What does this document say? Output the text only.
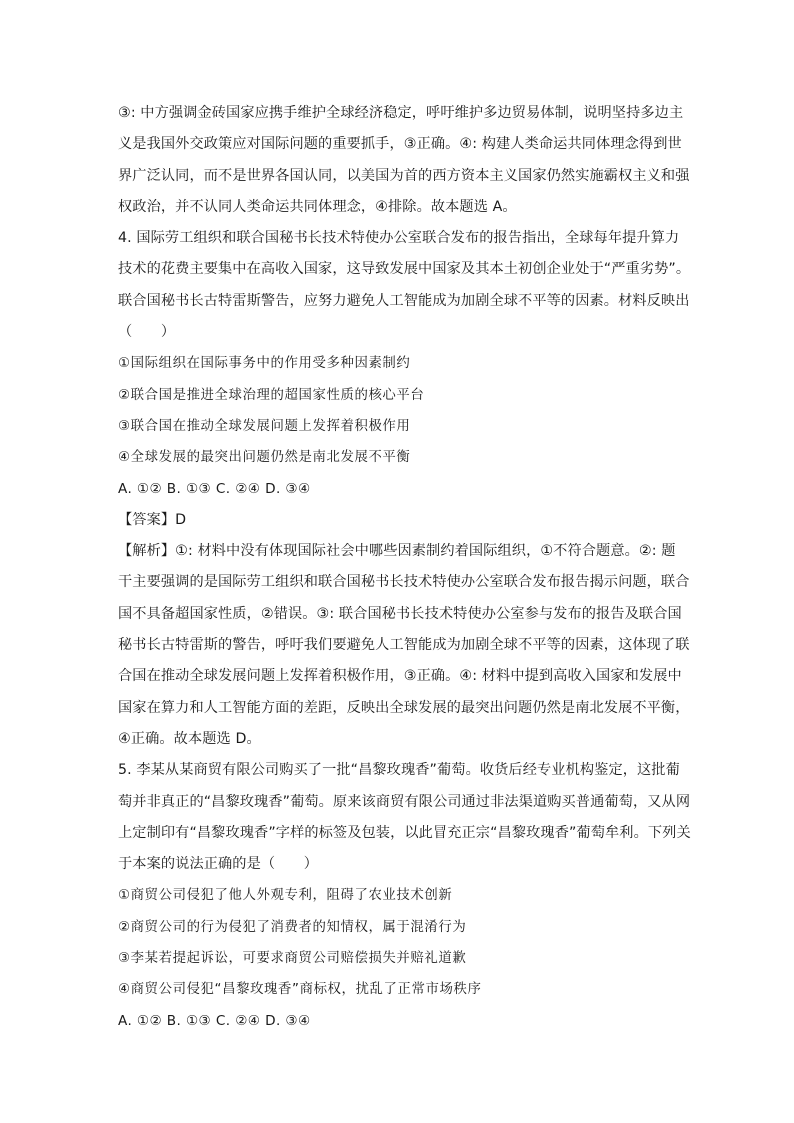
③: 中方强调金砖国家应携手维护全球经济稳定，呼吁维护多边贸易体制，说明坚持多边主
义是我国外交政策应对国际问题的重要抓手，③正确。④: 构建人类命运共同体理念得到世
界广泛认同，而不是世界各国认同，以美国为首的西方资本主义国家仍然实施霸权主义和强
权政治，并不认同人类命运共同体理念，④排除。故本题选 A。
4. 国际劳工组织和联合国秘书长技术特使办公室联合发布的报告指出，全球每年提升算力
技术的花费主要集中在高收入国家，这导致发展中国家及其本土初创企业处于“严重劣势”。
联合国秘书长古特雷斯警告，应努力避免人工智能成为加剧全球不平等的因素。材料反映出
（　　）
①国际组织在国际事务中的作用受多种因素制约
②联合国是推进全球治理的超国家性质的核心平台
③联合国在推动全球发展问题上发挥着积极作用
④全球发展的最突出问题仍然是南北发展不平衡
A. ①② B. ①③ C. ②④ D. ③④
【答案】D
【解析】①: 材料中没有体现国际社会中哪些因素制约着国际组织，①不符合题意。②: 题
干主要强调的是国际劳工组织和联合国秘书长技术特使办公室联合发布报告揭示问题，联合
国不具备超国家性质，②错误。③: 联合国秘书长技术特使办公室参与发布的报告及联合国
秘书长古特雷斯的警告，呼吁我们要避免人工智能成为加剧全球不平等的因素，这体现了联
合国在推动全球发展问题上发挥着积极作用，③正确。④: 材料中提到高收入国家和发展中
国家在算力和人工智能方面的差距，反映出全球发展的最突出问题仍然是南北发展不平衡，
④正确。故本题选 D。
5. 李某从某商贸有限公司购买了一批“昌黎玫瑰香”葡萄。收货后经专业机构鉴定，这批葡
萄并非真正的“昌黎玫瑰香”葡萄。原来该商贸有限公司通过非法渠道购买普通葡萄，又从网
上定制印有“昌黎玫瑰香”字样的标签及包装，以此冒充正宗“昌黎玫瑰香”葡萄牟利。下列关
于本案的说法正确的是（　　）
①商贸公司侵犯了他人外观专利，阻碍了农业技术创新
②商贸公司的行为侵犯了消费者的知情权，属于混淆行为
③李某若提起诉讼，可要求商贸公司赔偿损失并赔礼道歉
④商贸公司侵犯“昌黎玫瑰香”商标权，扰乱了正常市场秩序
A. ①② B. ①③ C. ②④ D. ③④
